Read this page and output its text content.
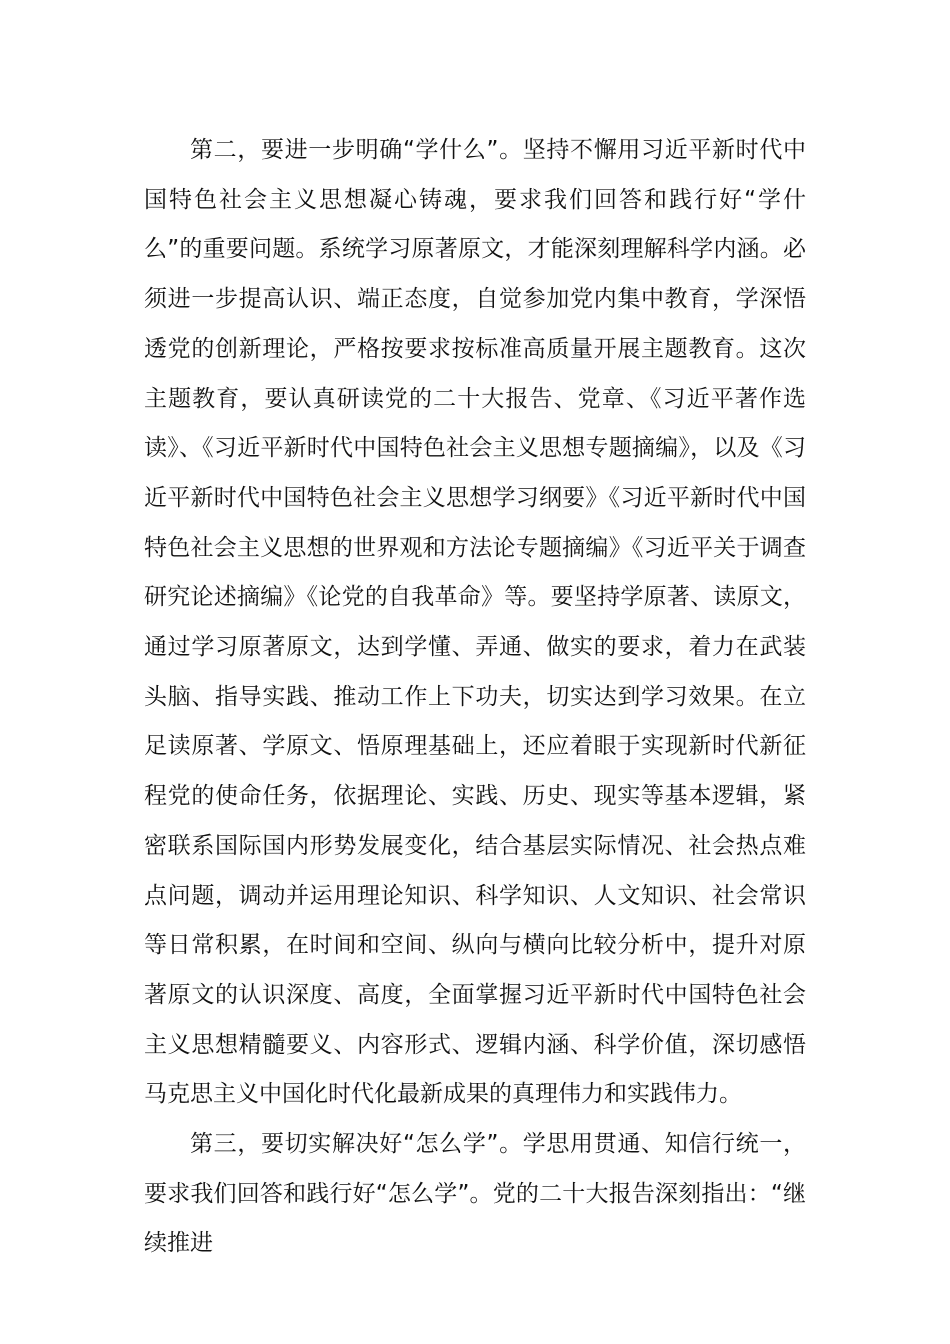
第二，要进一步明确“学什么”。坚持不懈用习近平新时代中国特色社会主义思想凝心铸魂，要求我们回答和践行好“学什么”的重要问题。系统学习原著原文，才能深刻理解科学内涵。必须进一步提高认识、端正态度，自觉参加党内集中教育，学深悟透党的创新理论，严格按要求按标准高质量开展主题教育。这次主题教育，要认真研读党的二十大报告、党章、《习近平著作选读》、《习近平新时代中国特色社会主义思想专题摘编》，以及《习近平新时代中国特色社会主义思想学习纲要》《习近平新时代中国特色社会主义思想的世界观和方法论专题摘编》《习近平关于调查研究论述摘编》《论党的自我革命》等。要坚持学原著、读原文，通过学习原著原文，达到学懂、弄通、做实的要求，着力在武装头脑、指导实践、推动工作上下功夫，切实达到学习效果。在立足读原著、学原文、悟原理基础上，还应着眼于实现新时代新征程党的使命任务，依据理论、实践、历史、现实等基本逻辑，紧密联系国际国内形势发展变化，结合基层实际情况、社会热点难点问题，调动并运用理论知识、科学知识、人文知识、社会常识等日常积累，在时间和空间、纵向与横向比较分析中，提升对原著原文的认识深度、高度，全面掌握习近平新时代中国特色社会主义思想精髓要义、内容形式、逻辑内涵、科学价值，深切感悟马克思主义中国化时代化最新成果的真理伟力和实践伟力。

第三，要切实解决好“怎么学”。学思用贯通、知信行统一，要求我们回答和践行好“怎么学”。党的二十大报告深刻指出：“继续推进
